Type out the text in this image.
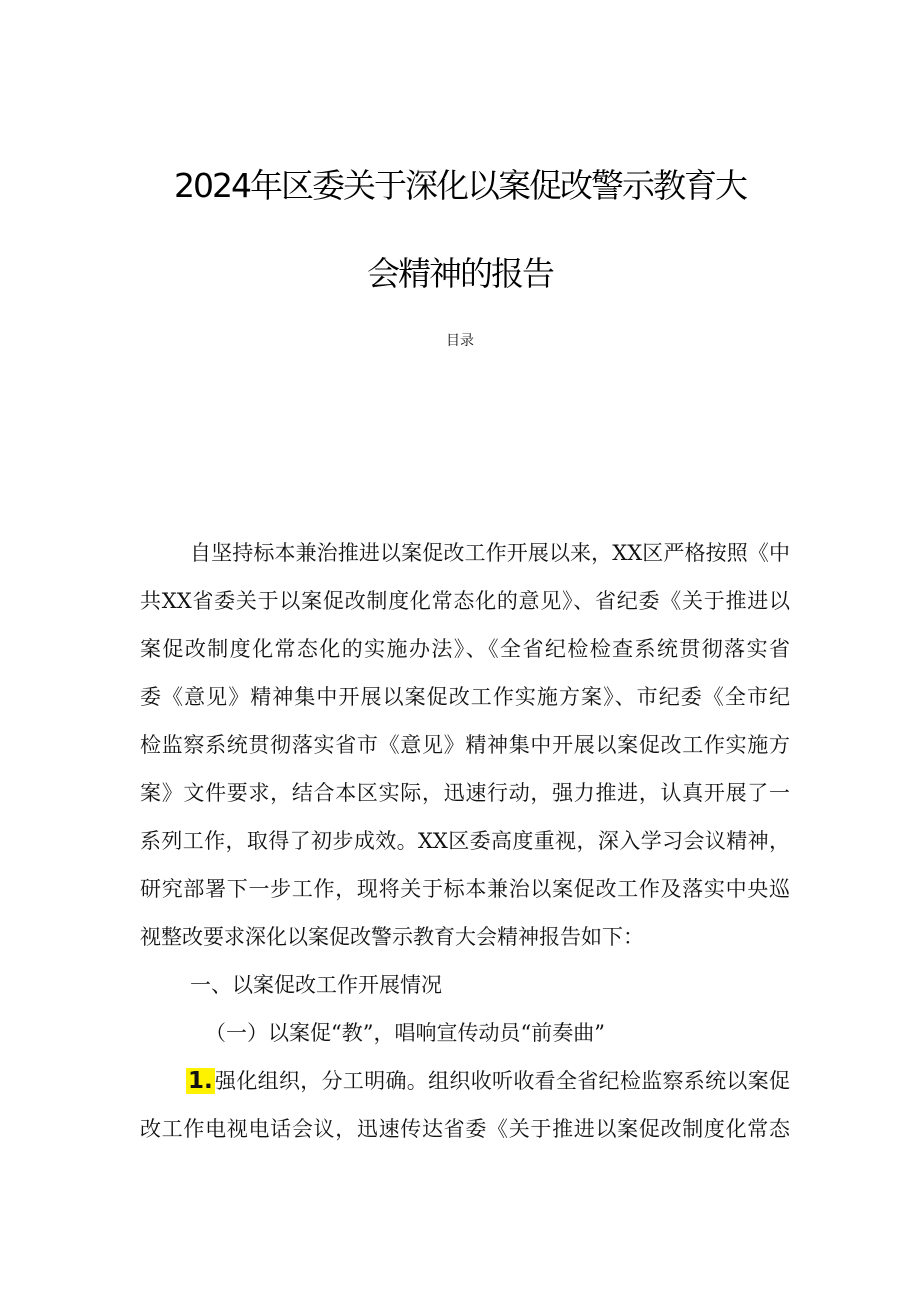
2024年区委关于深化以案促改警示教育大
会精神的报告
目录
自坚持标本兼治推进以案促改工作开展以来，XX区严格按照《中
共XX省委关于以案促改制度化常态化的意见》、省纪委《关于推进以
案促改制度化常态化的实施办法》、《全省纪检检查系统贯彻落实省
委《意见》精神集中开展以案促改工作实施方案》、市纪委《全市纪
检监察系统贯彻落实省市《意见》精神集中开展以案促改工作实施方
案》文件要求，结合本区实际，迅速行动，强力推进，认真开展了一
系列工作，取得了初步成效。XX区委高度重视，深入学习会议精神，
研究部署下一步工作，现将关于标本兼治以案促改工作及落实中央巡
视整改要求深化以案促改警示教育大会精神报告如下：
一、以案促改工作开展情况
（一）以案促“教”，唱响宣传动员“前奏曲”
1.强化组织，分工明确。组织收听收看全省纪检监察系统以案促
改工作电视电话会议，迅速传达省委《关于推进以案促改制度化常态
